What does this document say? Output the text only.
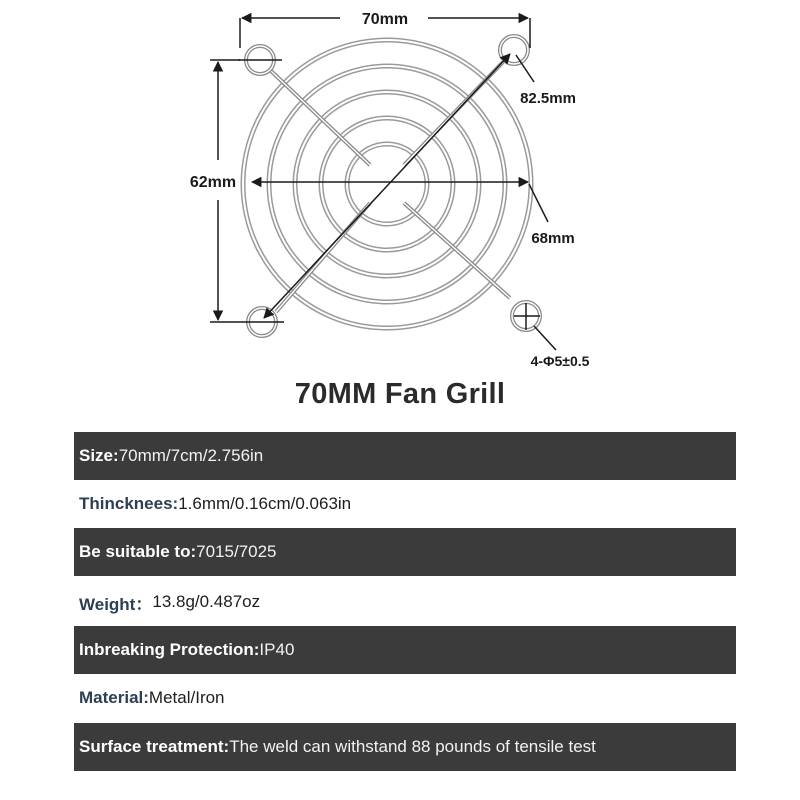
70mm
62mm
82.5mm
68mm
4-Φ5±0.5
70MM Fan Grill
Size: 70mm/7cm/2.756in
Thincknees: 1.6mm/0.16cm/0.063in
Be suitable to: 7015/7025
Weight： 13.8g/0.487oz
Inbreaking Protection: IP40
Material: Metal/Iron
Surface treatment: The weld can withstand 88 pounds of tensile test
